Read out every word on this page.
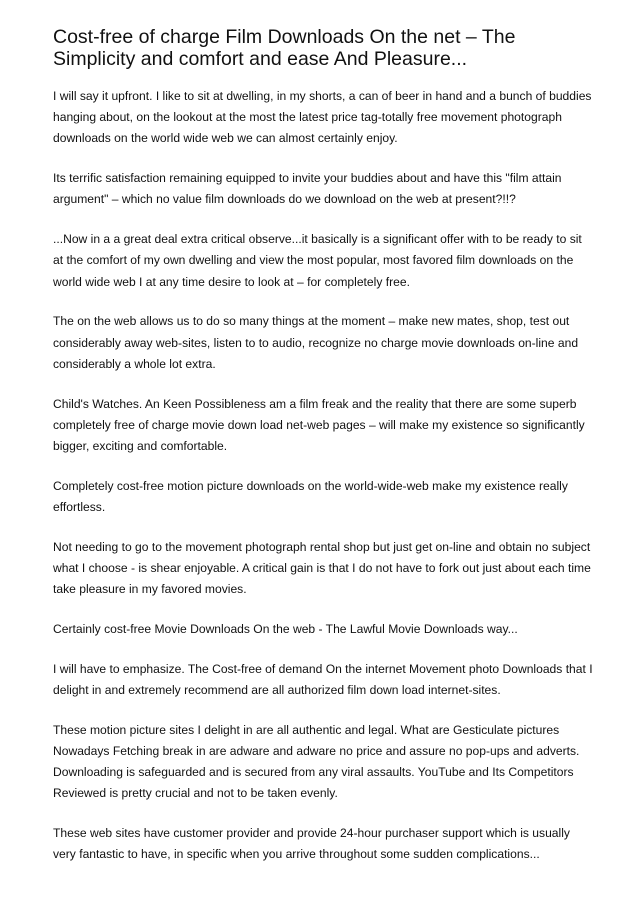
Cost-free of charge Film Downloads On the net – The Simplicity and comfort and ease And Pleasure...

I will say it upfront. I like to sit at dwelling, in my shorts, a can of beer in hand and a bunch of buddies hanging about, on the lookout at the most the latest price tag-totally free movement photograph downloads on the world wide web we can almost certainly enjoy.

Its terrific satisfaction remaining equipped to invite your buddies about and have this "film attain argument" – which no value film downloads do we download on the web at present?!!?

...Now in a a great deal extra critical observe...it basically is a significant offer with to be ready to sit at the comfort of my own dwelling and view the most popular, most favored film downloads on the world wide web I at any time desire to look at – for completely free.

The on the web allows us to do so many things at the moment – make new mates, shop, test out considerably away web-sites, listen to to audio, recognize no charge movie downloads on-line and considerably a whole lot extra.

Child's Watches. An Keen Possibleness am a film freak and the reality that there are some superb completely free of charge movie down load net-web pages – will make my existence so significantly bigger, exciting and comfortable.

Completely cost-free motion picture downloads on the world-wide-web make my existence really effortless.

Not needing to go to the movement photograph rental shop but just get on-line and obtain no subject what I choose - is shear enjoyable. A critical gain is that I do not have to fork out just about each time take pleasure in my favored movies.

Certainly cost-free Movie Downloads On the web - The Lawful Movie Downloads way...

I will have to emphasize. The Cost-free of demand On the internet Movement photo Downloads that I delight in and extremely recommend are all authorized film down load internet-sites.

These motion picture sites I delight in are all authentic and legal. What are Gesticulate pictures Nowadays Fetching break in are adware and adware no price and assure no pop-ups and adverts. Downloading is safeguarded and is secured from any viral assaults. YouTube and Its Competitors Reviewed is pretty crucial and not to be taken evenly.

These web sites have customer provider and provide 24-hour purchaser support which is usually very fantastic to have, in specific when you arrive throughout some sudden complications...
